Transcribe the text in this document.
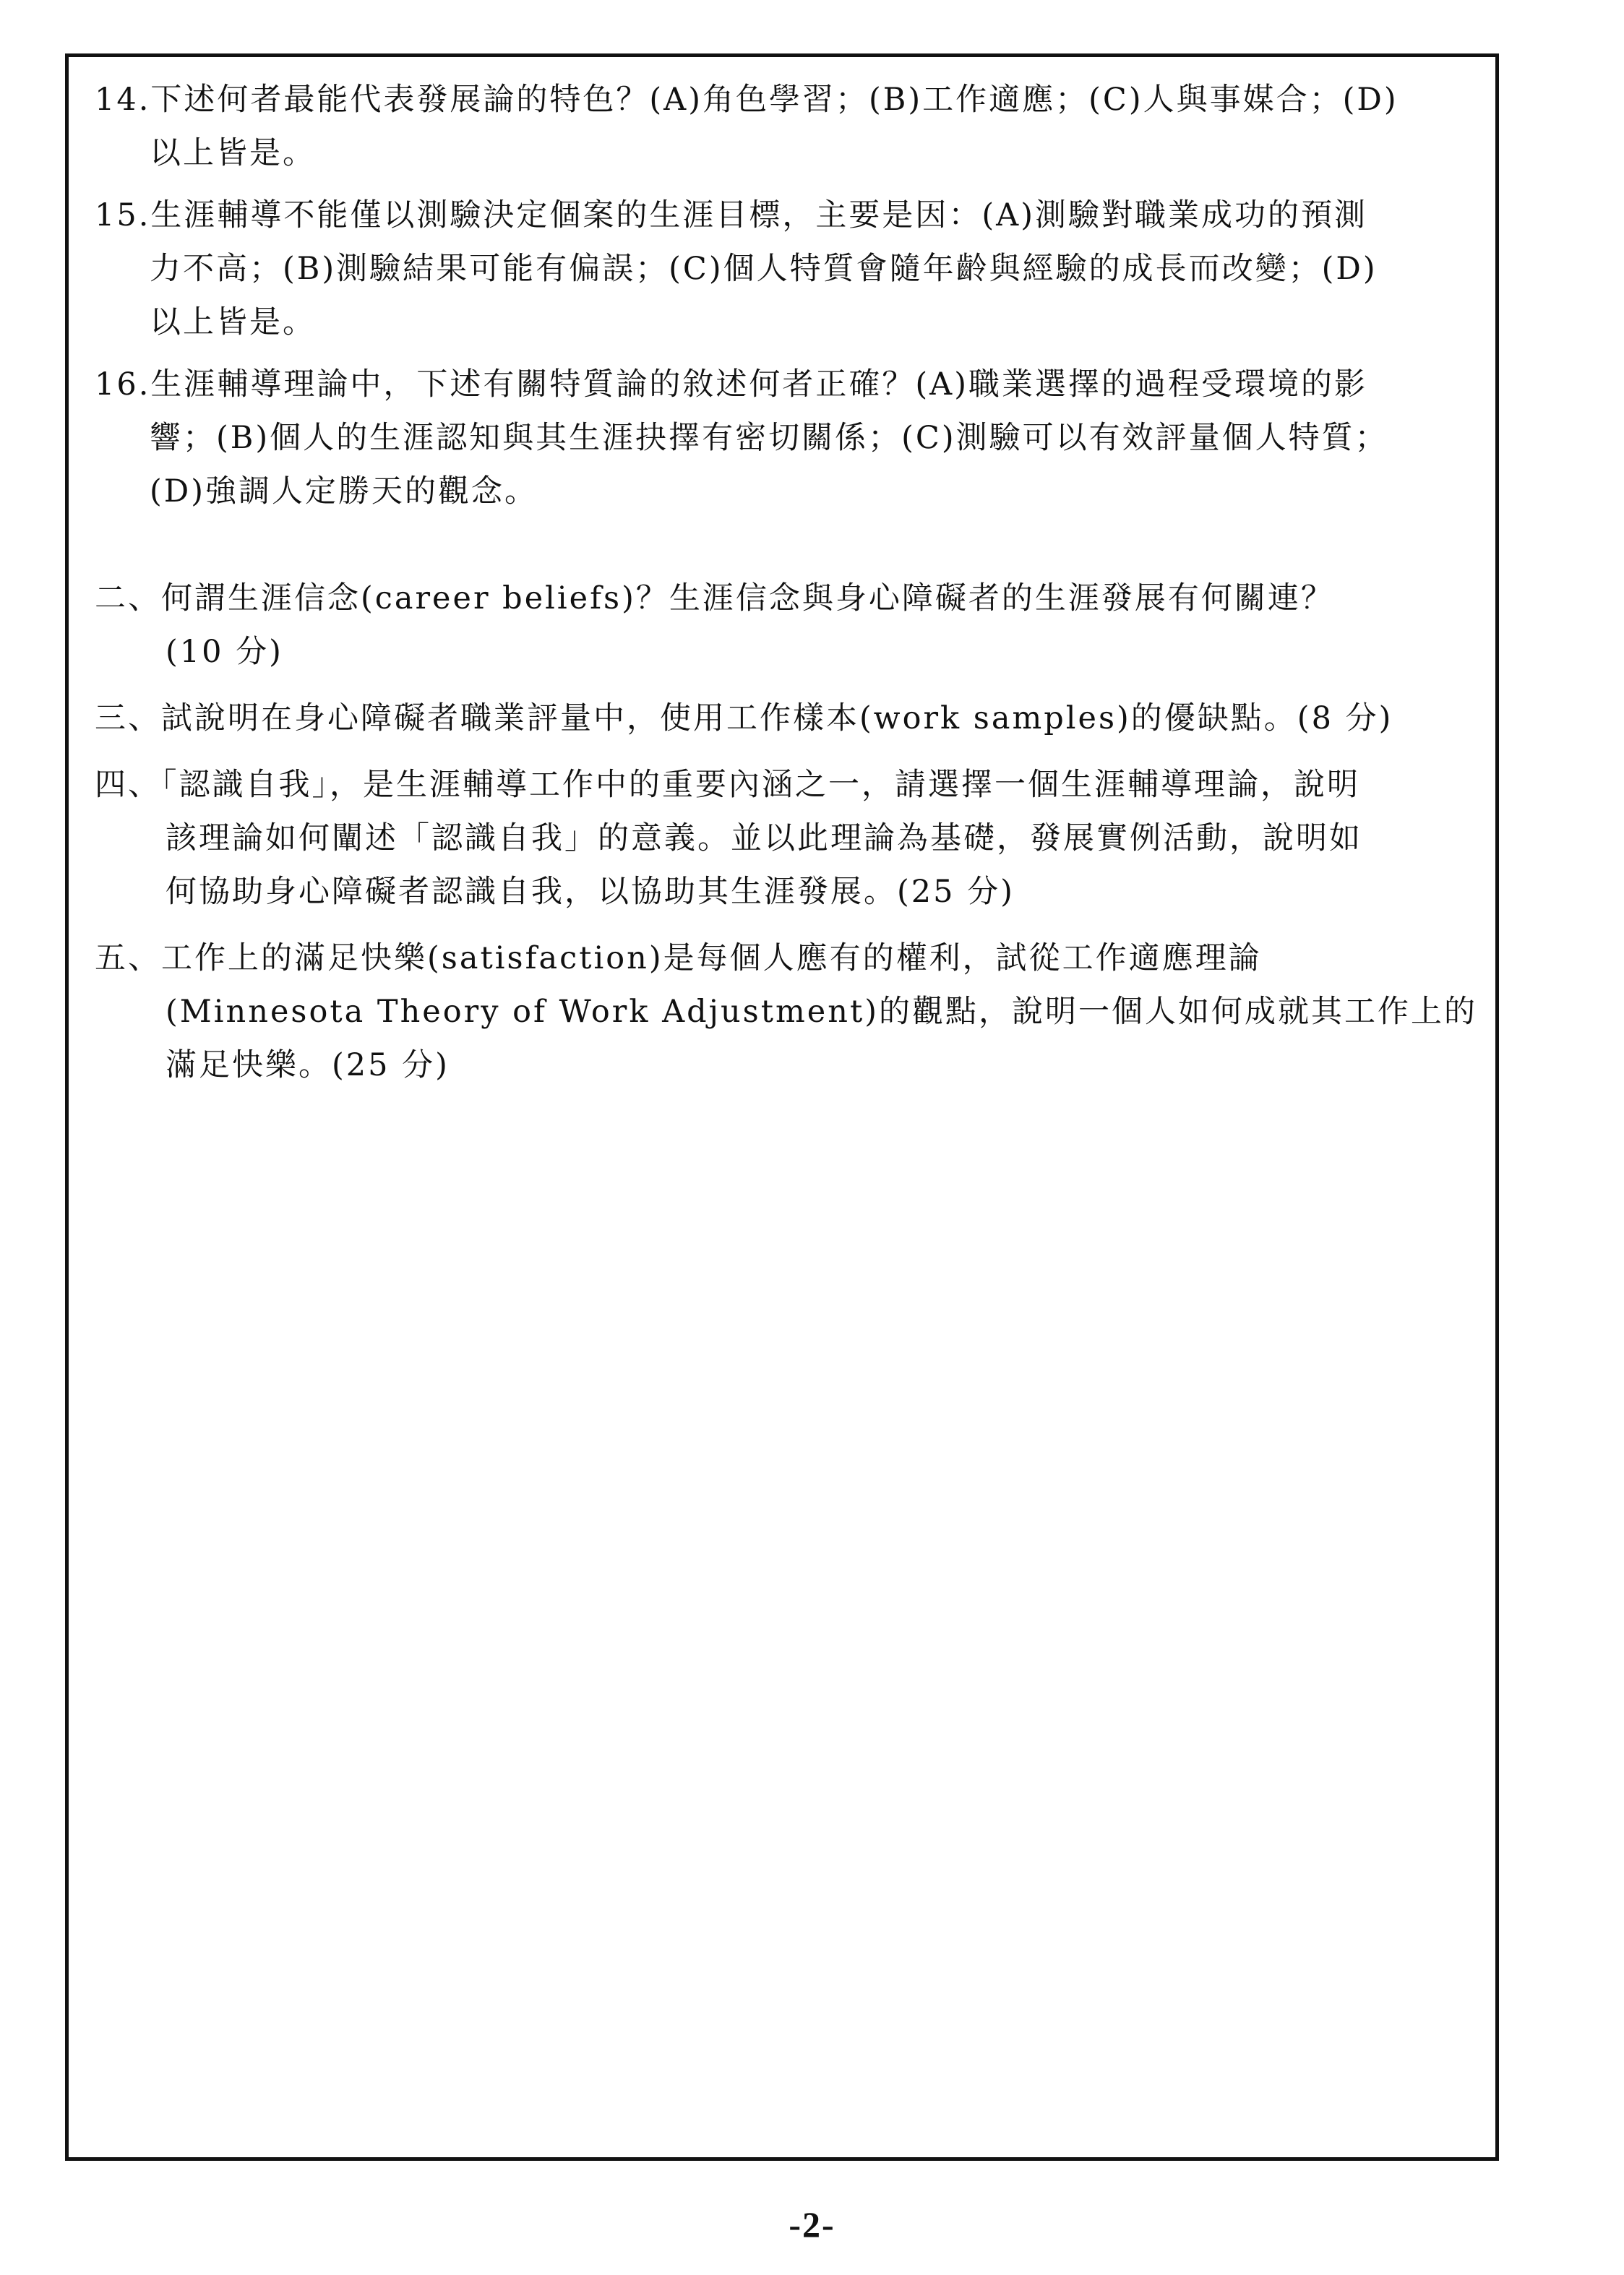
14.下述何者最能代表發展論的特色？(A)角色學習；(B)工作適應；(C)人與事媒合；(D)
以上皆是。
15.生涯輔導不能僅以測驗決定個案的生涯目標，主要是因：(A)測驗對職業成功的預測
力不高；(B)測驗結果可能有偏誤；(C)個人特質會隨年齡與經驗的成長而改變；(D)
以上皆是。
16.生涯輔導理論中，下述有關特質論的敘述何者正確？(A)職業選擇的過程受環境的影
響；(B)個人的生涯認知與其生涯抉擇有密切關係；(C)測驗可以有效評量個人特質；
(D)強調人定勝天的觀念。
二、何謂生涯信念(career beliefs)？生涯信念與身心障礙者的生涯發展有何關連？
(10 分)
三、試說明在身心障礙者職業評量中，使用工作樣本(work samples)的優缺點。(8 分)
四、「認識自我」，是生涯輔導工作中的重要內涵之一，請選擇一個生涯輔導理論，說明
該理論如何闡述「認識自我」的意義。並以此理論為基礎，發展實例活動，說明如
何協助身心障礙者認識自我，以協助其生涯發展。(25 分)
五、工作上的滿足快樂(satisfaction)是每個人應有的權利，試從工作適應理論
(Minnesota Theory of Work Adjustment)的觀點，說明一個人如何成就其工作上的
滿足快樂。(25 分)
-2-
